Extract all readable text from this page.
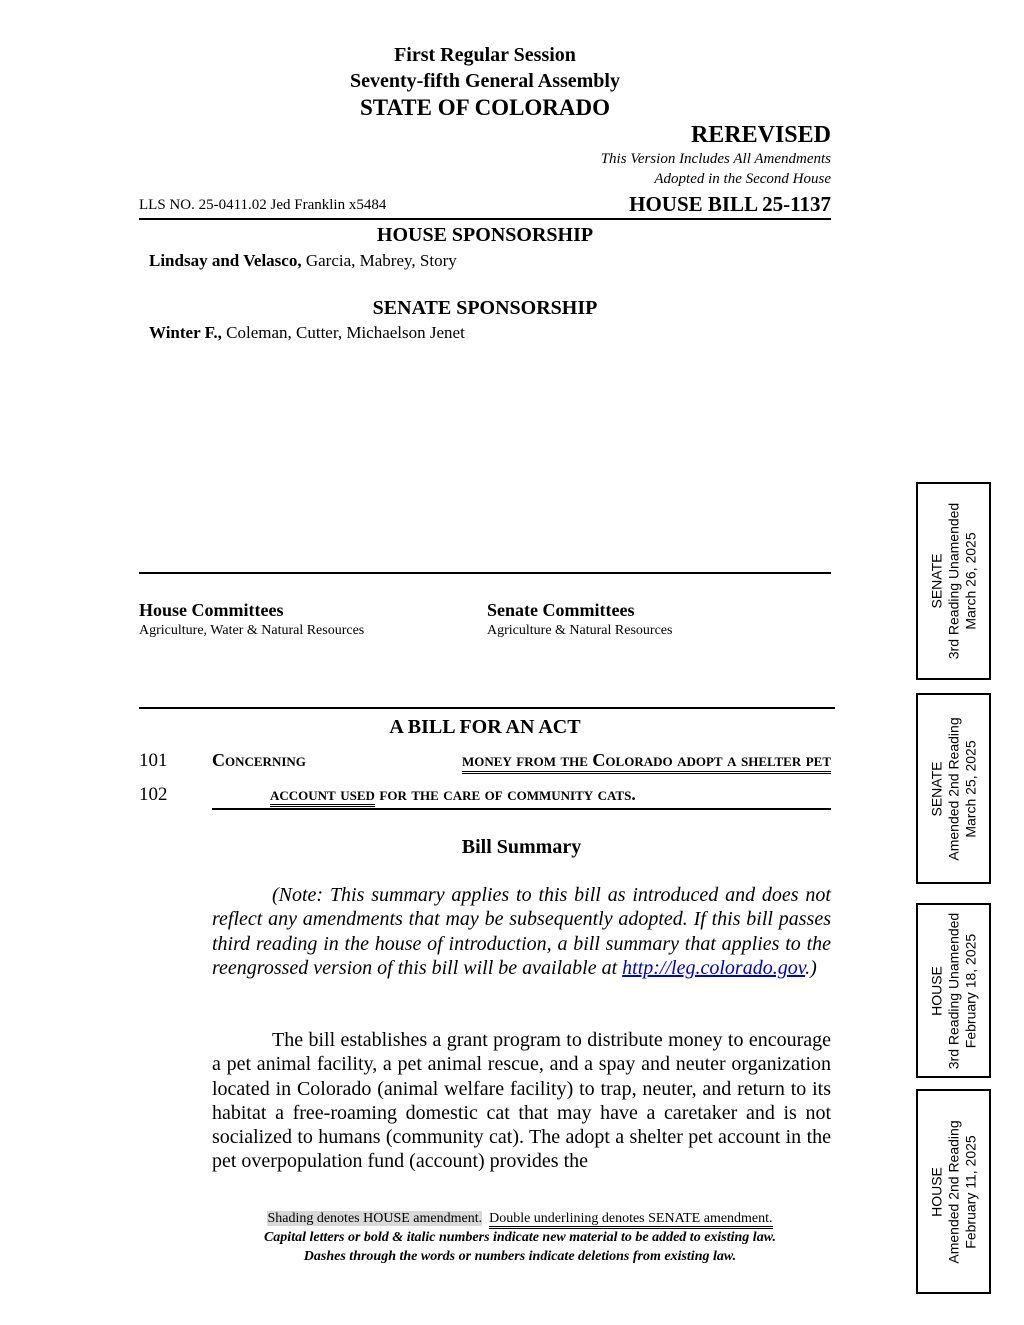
First Regular Session
Seventy-fifth General Assembly
STATE OF COLORADO
REREVISED
This Version Includes All Amendments
Adopted in the Second House
LLS NO. 25-0411.02 Jed Franklin x5484	HOUSE BILL 25-1137
HOUSE SPONSORSHIP
Lindsay and Velasco, Garcia, Mabrey, Story
SENATE SPONSORSHIP
Winter F., Coleman, Cutter, Michaelson Jenet
House Committees
Agriculture, Water & Natural Resources
Senate Committees
Agriculture & Natural Resources
A BILL FOR AN ACT
101 Concerning	money from the Colorado adopt a shelter pet
102	account used for the care of community cats.
Bill Summary
(Note: This summary applies to this bill as introduced and does not reflect any amendments that may be subsequently adopted. If this bill passes third reading in the house of introduction, a bill summary that applies to the reengrossed version of this bill will be available at http://leg.colorado.gov.)
The bill establishes a grant program to distribute money to encourage a pet animal facility, a pet animal rescue, and a spay and neuter organization located in Colorado (animal welfare facility) to trap, neuter, and return to its habitat a free-roaming domestic cat that may have a caretaker and is not socialized to humans (community cat). The adopt a shelter pet account in the pet overpopulation fund (account) provides the
Shading denotes HOUSE amendment. Double underlining denotes SENATE amendment.
Capital letters or bold & italic numbers indicate new material to be added to existing law.
Dashes through the words or numbers indicate deletions from existing law.
SENATE 3rd Reading Unamended March 26, 2025
SENATE Amended 2nd Reading March 25, 2025
HOUSE 3rd Reading Unamended February 18, 2025
HOUSE Amended 2nd Reading February 11, 2025
